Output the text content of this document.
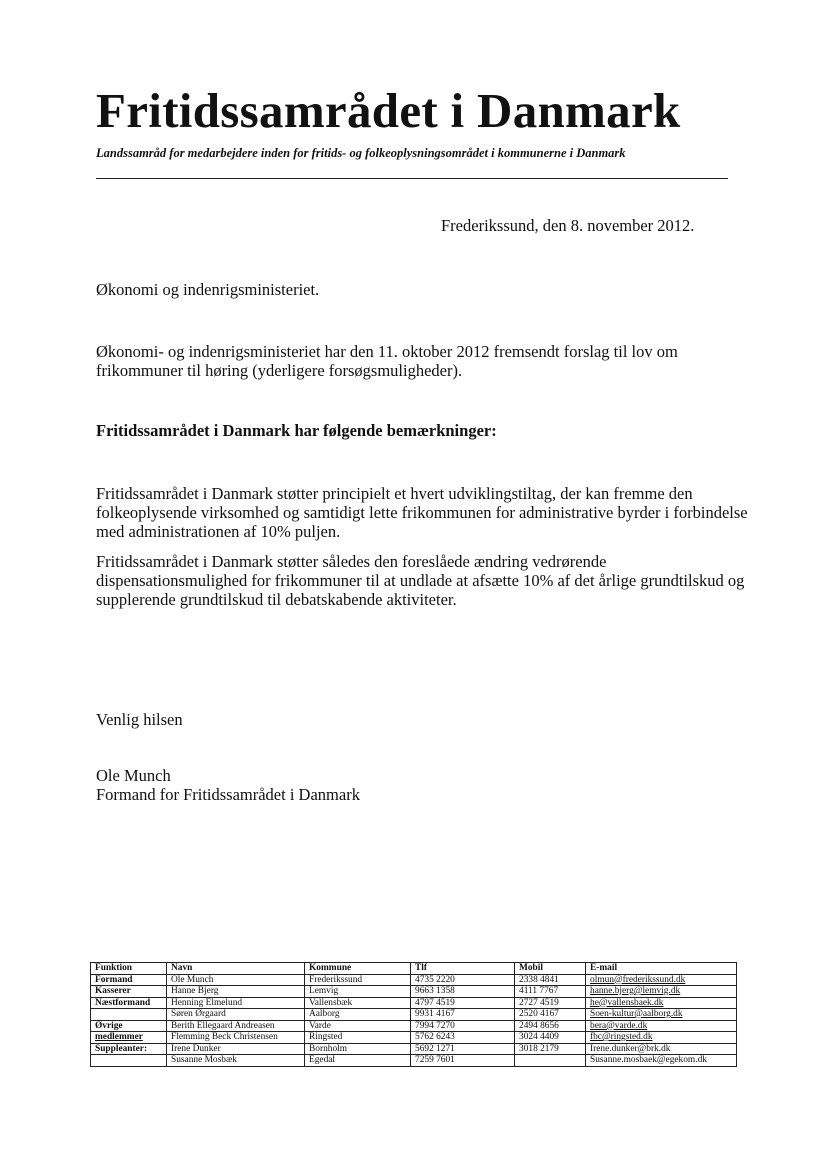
Fritidssamrådet i Danmark
Landssamråd for medarbejdere inden for fritids- og folkeoplysningsområdet i kommunerne i Danmark
Frederikssund, den 8. november 2012.
Økonomi og indenrigsministeriet.
Økonomi- og indenrigsministeriet har den 11. oktober 2012 fremsendt forslag til lov om
frikommuner til høring (yderligere forsøgsmuligheder).
Fritidssamrådet i Danmark har følgende bemærkninger:
Fritidssamrådet i Danmark støtter principielt et hvert udviklingstiltag, der kan fremme den
folkeoplysende virksomhed og samtidigt lette frikommunen for administrative byrder i forbindelse
med administrationen af 10% puljen.
Fritidssamrådet i Danmark støtter således den foreslåede ændring vedrørende
dispensationsmulighed for frikommuner til at undlade at afsætte 10% af det årlige grundtilskud og
supplerende grundtilskud til debatskabende aktiviteter.
Venlig hilsen
Ole Munch
Formand for Fritidssamrådet i Danmark
Funktion	Navn	Kommune	Tlf	Mobil	E-mail
Formand	Ole Munch	Frederikssund	4735 2220	2338 4841	olmun@frederikssund.dk
Kasserer	Hanne Bjerg	Lemvig	9663 1358	4111 7767	hanne.bjerg@lemvig.dk
Næstformand	Henning Elmelund	Vallensbæk	4797 4519	2727 4519	he@vallensbaek.dk
	Søren Ørgaard	Aalborg	9931 4167	2520 4167	Soen-kultur@aalborg.dk
Øvrige	Berith Ellegaard Andreasen	Varde	7994 7270	2494 8656	bera@varde.dk
medlemmer	Flemming Beck Christensen	Ringsted	5762 6243	3024 4409	fbc@ringsted.dk
Suppleanter:	Irene Dunker	Bornholm	5692 1271	3018 2179	Irene.dunker@brk.dk
	Susanne Mosbæk	Egedal	7259 7601		Susanne.mosbaek@egekom.dk
